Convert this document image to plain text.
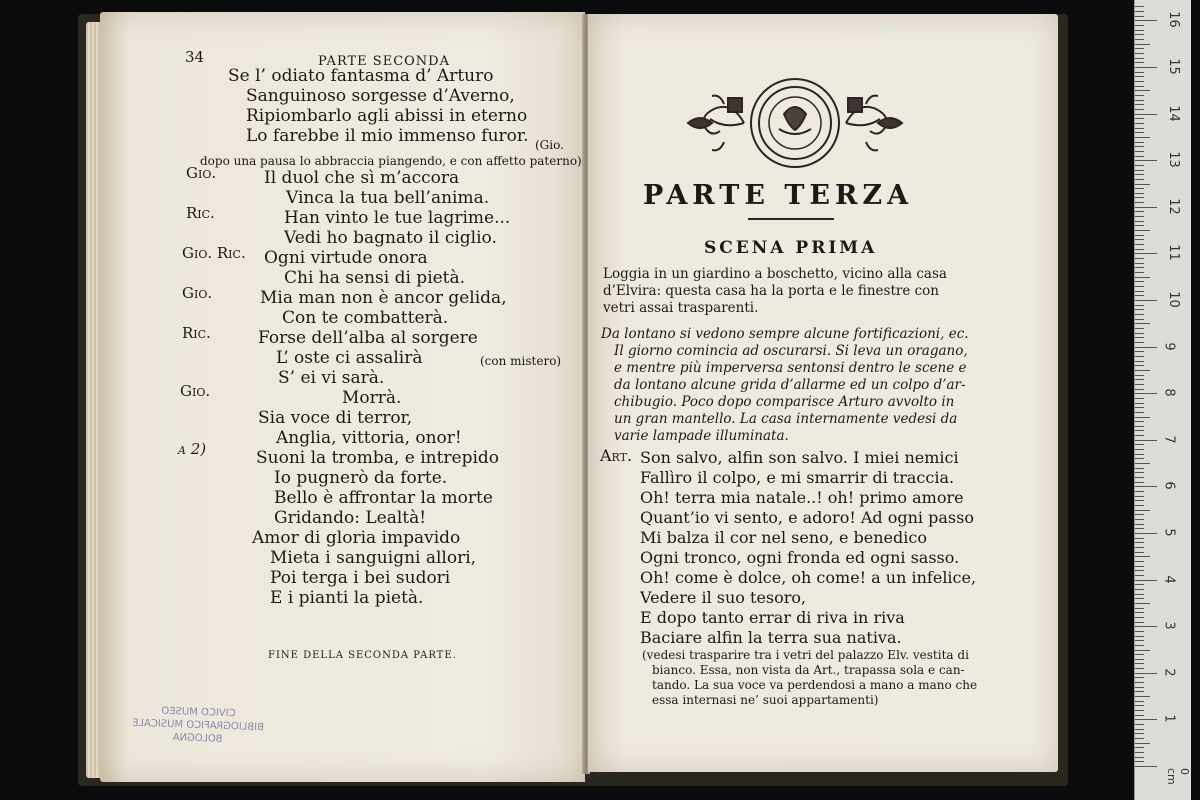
34	PARTE SECONDA
Se l’ odiato fantasma d’ Arturo
Sanguinoso sorgesse d’Averno,
Ripiombarlo agli abissi in eterno
Lo farebbe il mio immenso furor. (Gio.
dopo una pausa lo abbraccia piangendo, e con affetto paterno)
Gio.	Il duol che sì m’accora
Vinca la tua bell’anima.
Ric.	Han vinto le tue lagrime...
Vedi ho bagnato il ciglio.
Gio. Ric. Ogni virtude onora
Chi ha sensi di pietà.
Gio.	Mia man non è ancor gelida,
Con te combatterà.
Ric.	Forse dell’alba al sorgere
L’ oste ci assalirà	(con mistero)
S’ ei vi sarà.
Gio.	Morrà.
Sia voce di terror,
Anglia, vittoria, onor!
a 2)	Suoni la tromba, e intrepido
Io pugnerò da forte.
Bello è affrontar la morte
Gridando: Lealtà!
Amor di gloria impavido
Mieta i sanguigni allori,
Poi terga i bei sudori
E i pianti la pietà.
FINE DELLA SECONDA PARTE.
CIVICO MUSEO
BIBLIOGRAFICO MUSICALE
BOLOGNA
PARTE TERZA
SCENA PRIMA
Loggia in un giardino a boschetto, vicino alla casa
d’Elvira: questa casa ha la porta e le finestre con
vetri assai trasparenti.
Da lontano si vedono sempre alcune fortificazioni, ec.
Il giorno comincia ad oscurarsi. Si leva un oragano,
e mentre più imperversa sentonsi dentro le scene e
da lontano alcune grida d’allarme ed un colpo d’ar-
chibugio. Poco dopo comparisce Arturo avvolto in
un gran mantello. La casa internamente vedesi da
varie lampade illuminata.
Art. Son salvo, alfin son salvo. I miei nemici
Fallìro il colpo, e mi smarrir di traccia.
Oh! terra mia natale..! oh! primo amore
Quant’io vi sento, e adoro! Ad ogni passo
Mi balza il cor nel seno, e benedico
Ogni tronco, ogni fronda ed ogni sasso.
Oh! come è dolce, oh come! a un infelice,
Vedere il suo tesoro,
E dopo tanto errar di riva in riva
Baciare alfin la terra sua nativa.
(vedesi trasparire tra i vetri del palazzo Elv. vestita di
bianco. Essa, non vista da Art., trapassa sola e can-
tando. La sua voce va perdendosi a mano a mano che
essa internasi ne’ suoi appartamenti)
1
2
3
4
5
6
7
8
9
10
11
12
13
14
15
16
0 cm
